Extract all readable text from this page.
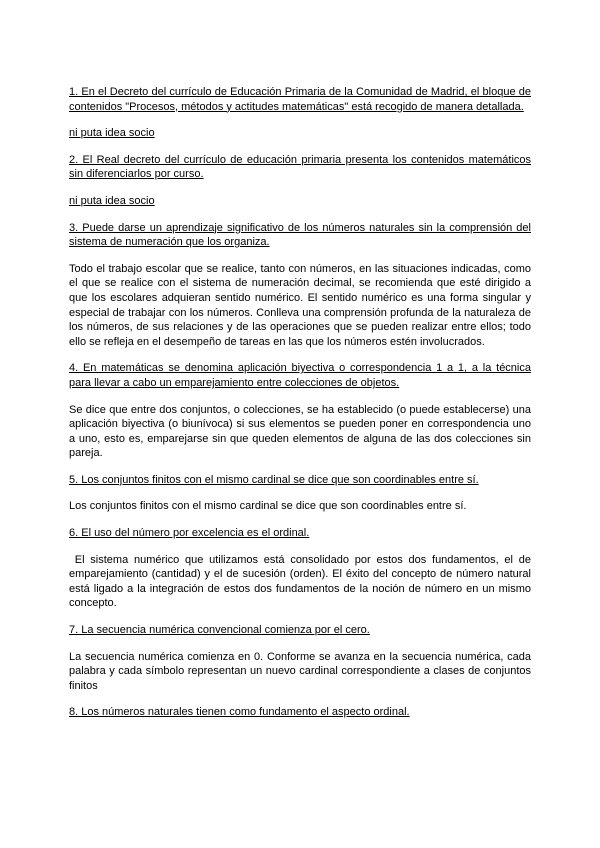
1. En el Decreto del currículo de Educación Primaria de la Comunidad de Madrid, el bloque de contenidos "Procesos, métodos y actitudes matemáticas" está recogido de manera detallada.

ni puta idea socio

2. El Real decreto del currículo de educación primaria presenta los contenidos matemáticos sin diferenciarlos por curso.

ni puta idea socio

3. Puede darse un aprendizaje significativo de los números naturales sin la comprensión del sistema de numeración que los organiza.

Todo el trabajo escolar que se realice, tanto con números, en las situaciones indicadas, como el que se realice con el sistema de numeración decimal, se recomienda que esté dirigido a que los escolares adquieran sentido numérico. El sentido numérico es una forma singular y especial de trabajar con los números. Conlleva una comprensión profunda de la naturaleza de los números, de sus relaciones y de las operaciones que se pueden realizar entre ellos; todo ello se refleja en el desempeño de tareas en las que los números estén involucrados.

4. En matemáticas se denomina aplicación biyectiva o correspondencia 1 a 1, a la técnica para llevar a cabo un emparejamiento entre colecciones de objetos.

Se dice que entre dos conjuntos, o colecciones, se ha establecido (o puede establecerse) una aplicación biyectiva (o biunívoca) si sus elementos se pueden poner en correspondencia uno a uno, esto es, emparejarse sin que queden elementos de alguna de las dos colecciones sin pareja.

5. Los conjuntos finitos con el mismo cardinal se dice que son coordinables entre sí.

Los conjuntos finitos con el mismo cardinal se dice que son coordinables entre sí.

6. El uso del número por excelencia es el ordinal.

El sistema numérico que utilizamos está consolidado por estos dos fundamentos, el de emparejamiento (cantidad) y el de sucesión (orden). El éxito del concepto de número natural está ligado a la integración de estos dos fundamentos de la noción de número en un mismo concepto.

7. La secuencia numérica convencional comienza por el cero.

La secuencia numérica comienza en 0. Conforme se avanza en la secuencia numérica, cada palabra y cada símbolo representan un nuevo cardinal correspondiente a clases de conjuntos finitos

8. Los números naturales tienen como fundamento el aspecto ordinal.
